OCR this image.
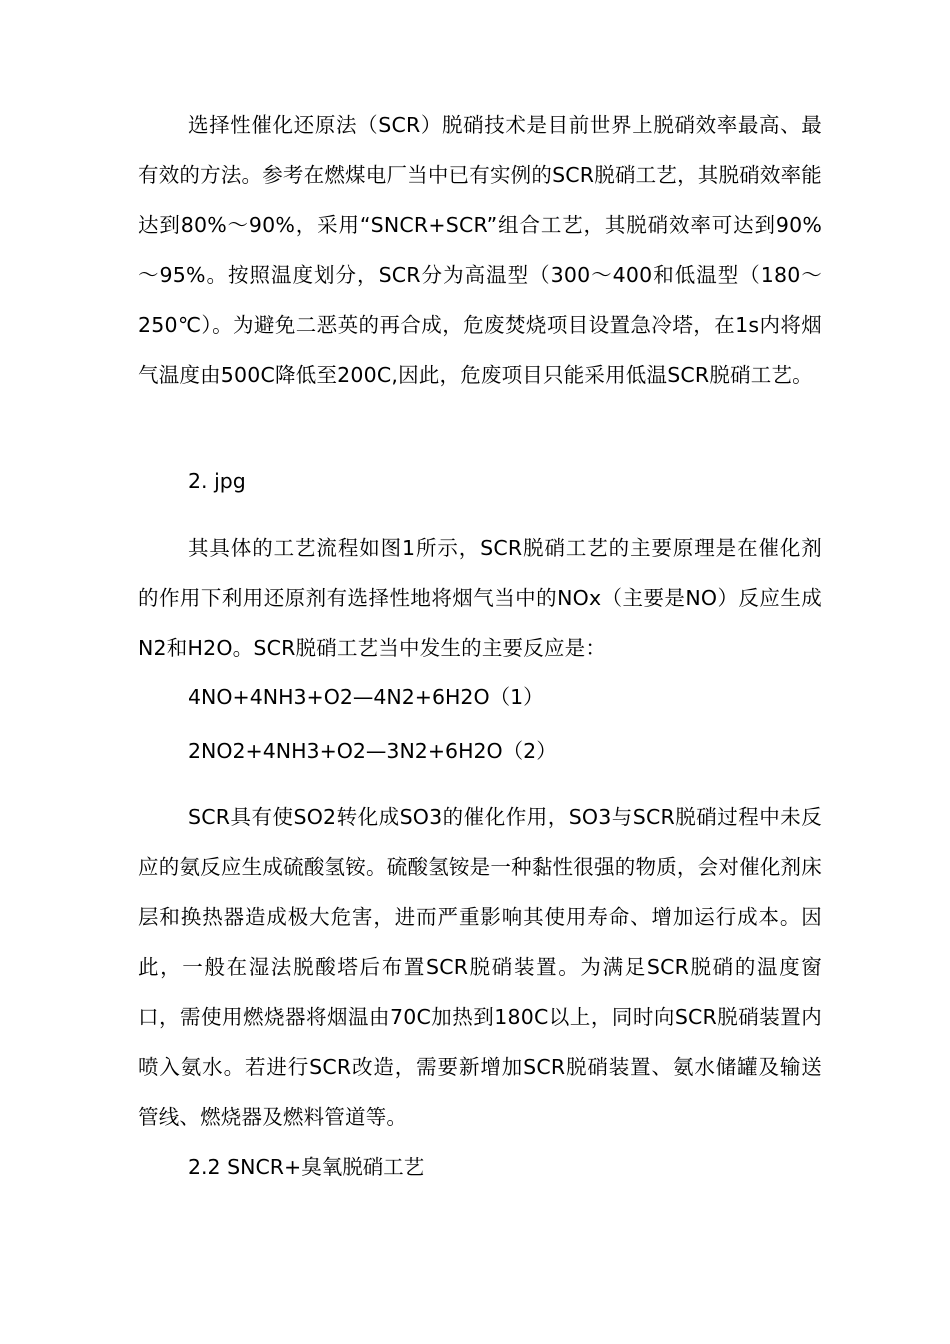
选择性催化还原法（SCR）脱硝技术是目前世界上脱硝效率最高、最有效的方法。参考在燃煤电厂当中已有实例的SCR脱硝工艺，其脱硝效率能达到80%～90%，采用“SNCR+SCR”组合工艺，其脱硝效率可达到90%～95%。按照温度划分，SCR分为高温型（300～400和低温型（180～250℃）。为避免二恶英的再合成，危废焚烧项目设置急冷塔，在1s内将烟气温度由500C降低至200C,因此，危废项目只能采用低温SCR脱硝工艺。

2. jpg

其具体的工艺流程如图1所示，SCR脱硝工艺的主要原理是在催化剂的作用下利用还原剂有选择性地将烟气当中的NOx（主要是NO）反应生成N2和H2O。SCR脱硝工艺当中发生的主要反应是：

4NO+4NH3+O2—4N2+6H2O（1）

2NO2+4NH3+O2—3N2+6H2O（2）

SCR具有使SO2转化成SO3的催化作用，SO3与SCR脱硝过程中未反应的氨反应生成硫酸氢铵。硫酸氢铵是一种黏性很强的物质，会对催化剂床层和换热器造成极大危害，进而严重影响其使用寿命、增加运行成本。因此，一般在湿法脱酸塔后布置SCR脱硝装置。为满足SCR脱硝的温度窗口，需使用燃烧器将烟温由70C加热到180C以上，同时向SCR脱硝装置内喷入氨水。若进行SCR改造，需要新增加SCR脱硝装置、氨水储罐及输送管线、燃烧器及燃料管道等。

2.2 SNCR+臭氧脱硝工艺
